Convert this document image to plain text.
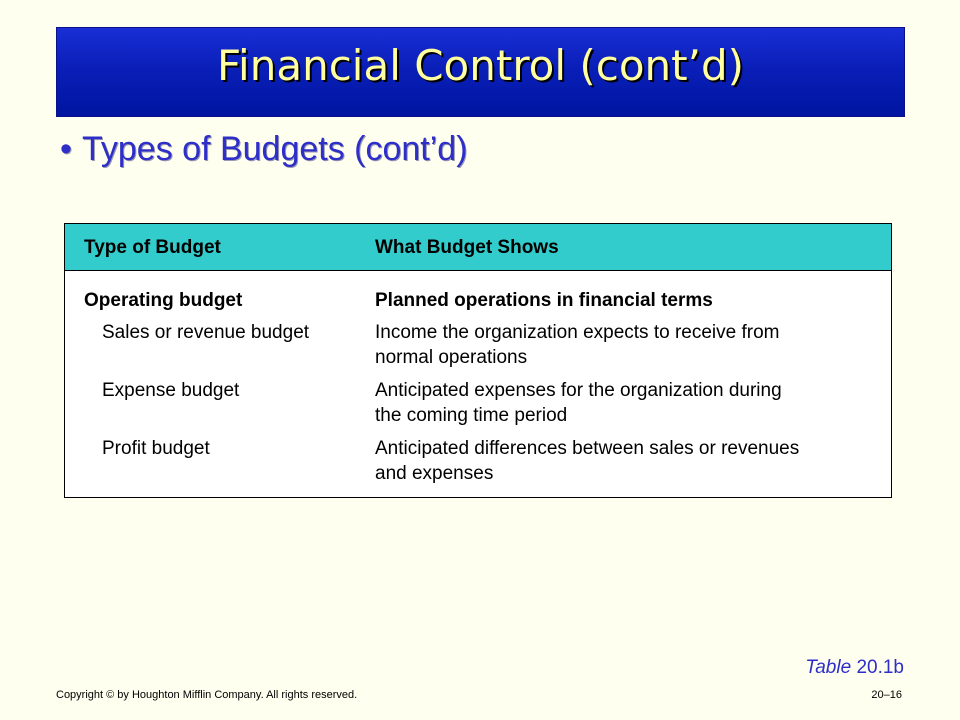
Financial Control (cont’d)
• Types of Budgets (cont’d)
Type of Budget	What Budget Shows
Operating budget	Planned operations in financial terms
Sales or revenue budget	Income the organization expects to receive from
normal operations
Expense budget	Anticipated expenses for the organization during
the coming time period
Profit budget	Anticipated differences between sales or revenues
and expenses
Table 20.1b
Copyright © by Houghton Mifflin Company. All rights reserved.	20–16
